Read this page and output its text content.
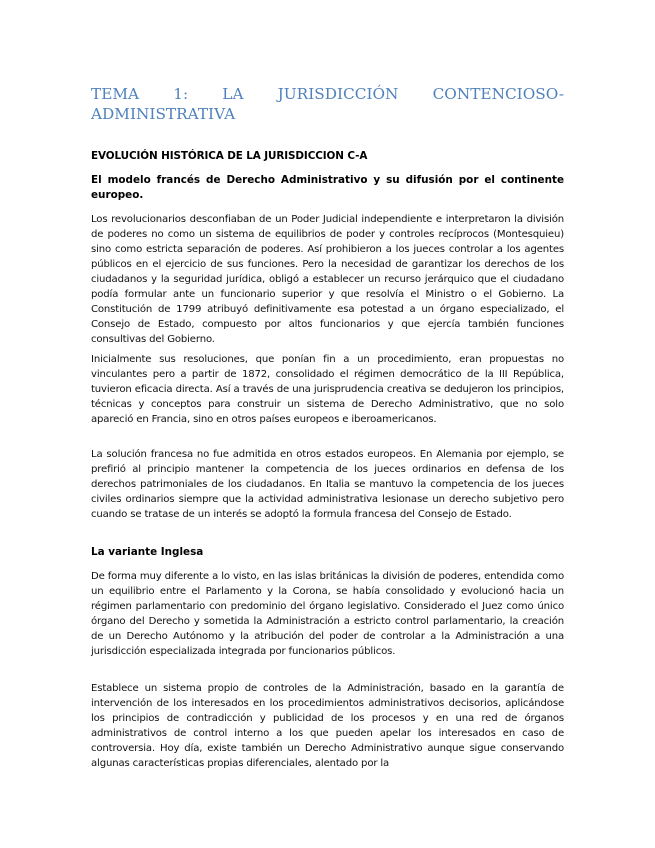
TEMA 1: LA JURISDICCIÓN CONTENCIOSO-ADMINISTRATIVA
EVOLUCIÓN HISTÓRICA DE LA JURISDICCION C-A
El modelo francés de Derecho Administrativo y su difusión por el continente europeo.

Los revolucionarios desconfiaban de un Poder Judicial independiente e interpretaron la división de poderes no como un sistema de equilibrios de poder y controles recíprocos (Montesquieu) sino como estricta separación de poderes. Así prohibieron a los jueces controlar a los agentes públicos en el ejercicio de sus funciones. Pero la necesidad de garantizar los derechos de los ciudadanos y la seguridad jurídica, obligó a establecer un recurso jerárquico que el ciudadano podía formular ante un funcionario superior y que resolvía el Ministro o el Gobierno. La Constitución de 1799 atribuyó definitivamente esa potestad a un órgano especializado, el Consejo de Estado, compuesto por altos funcionarios y que ejercía también funciones consultivas del Gobierno.

Inicialmente sus resoluciones, que ponían fin a un procedimiento, eran propuestas no vinculantes pero a partir de 1872, consolidado el régimen democrático de la III República, tuvieron eficacia directa. Así a través de una jurisprudencia creativa se dedujeron los principios, técnicas y conceptos para construir un sistema de Derecho Administrativo, que no solo apareció en Francia, sino en otros países europeos e iberoamericanos.

La solución francesa no fue admitida en otros estados europeos. En Alemania por ejemplo, se prefirió al principio mantener la competencia de los jueces ordinarios en defensa de los derechos patrimoniales de los ciudadanos. En Italia se mantuvo la competencia de los jueces civiles ordinarios siempre que la actividad administrativa lesionase un derecho subjetivo pero cuando se tratase de un interés se adoptó la formula francesa del Consejo de Estado.

La variante Inglesa

De forma muy diferente a lo visto, en las islas británicas la división de poderes, entendida como un equilibrio entre el Parlamento y la Corona, se había consolidado y evolucionó hacia un régimen parlamentario con predominio del órgano legislativo. Considerado el Juez como único órgano del Derecho y sometida la Administración a estricto control parlamentario, la creación de un Derecho Autónomo y la atribución del poder de controlar a la Administración a una jurisdicción especializada integrada por funcionarios públicos.

Establece un sistema propio de controles de la Administración, basado en la garantía de intervención de los interesados en los procedimientos administrativos decisorios, aplicándose los principios de contradicción y publicidad de los procesos y en una red de órganos administrativos de control interno a los que pueden apelar los interesados en caso de controversia. Hoy día, existe también un Derecho Administrativo aunque sigue conservando algunas características propias diferenciales, alentado por la
